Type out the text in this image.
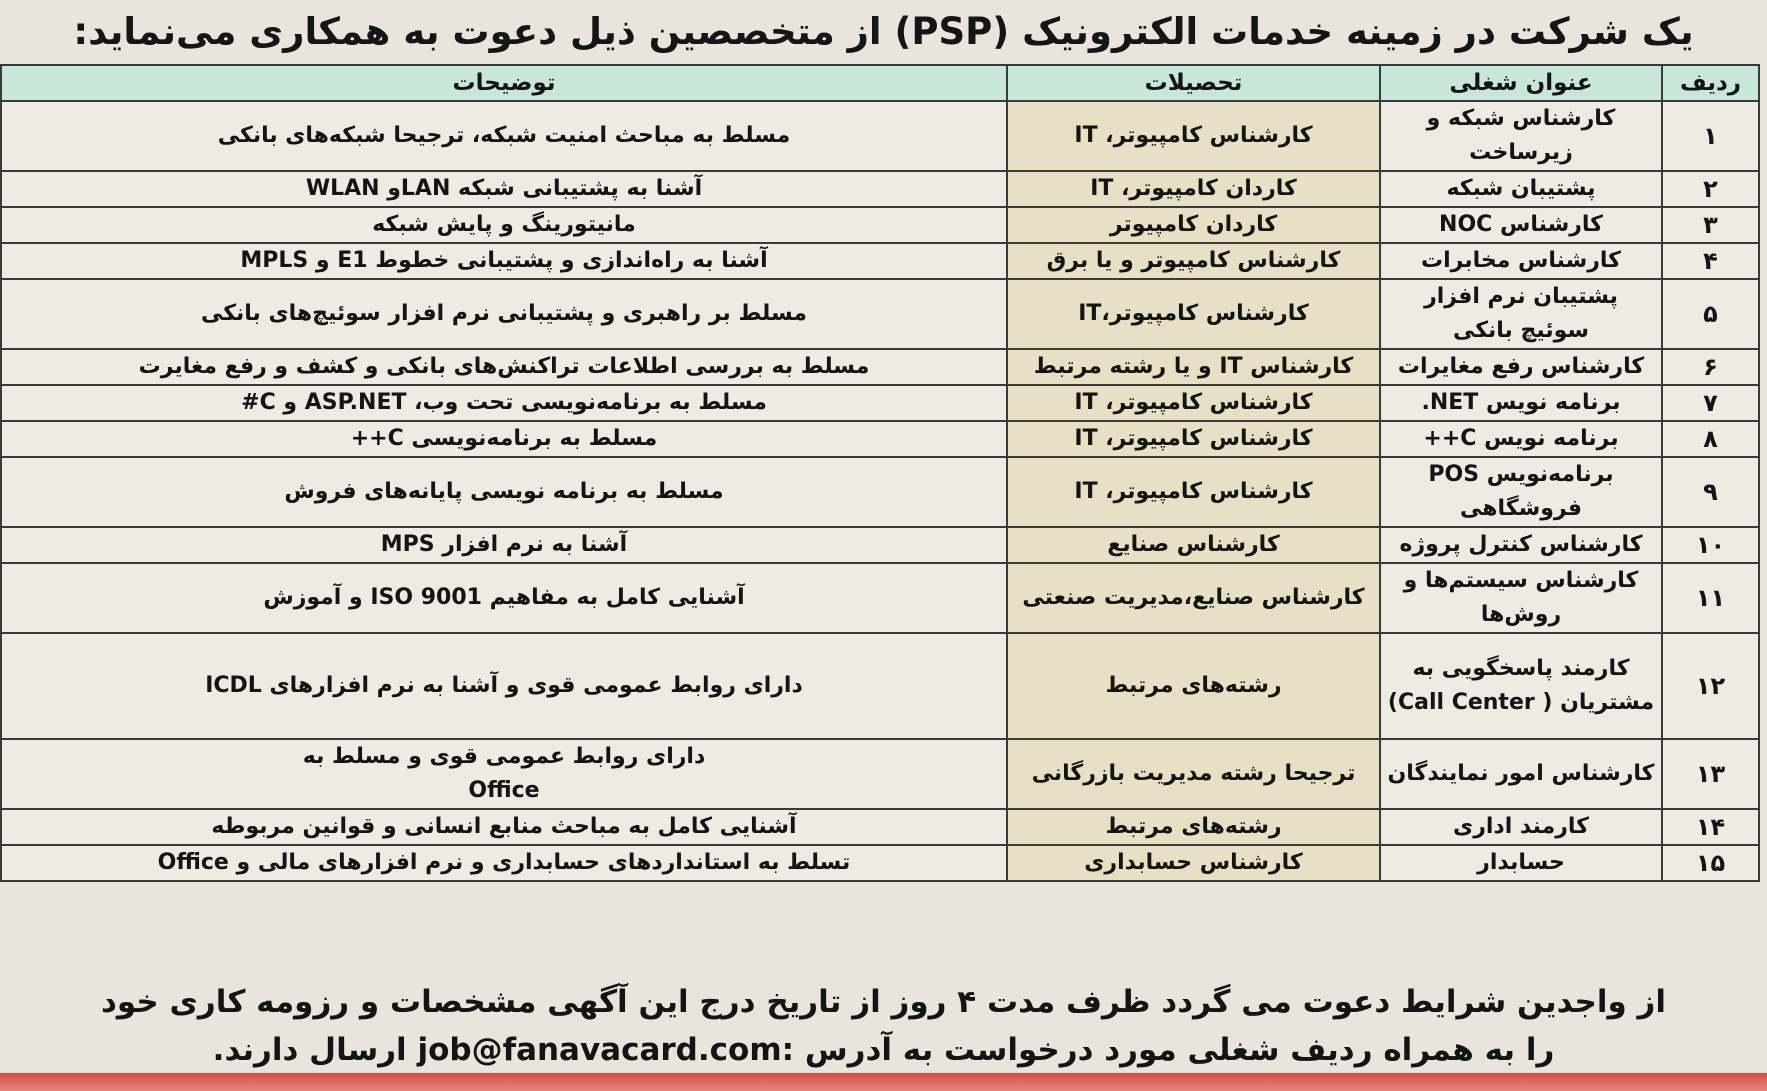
یک شرکت در زمینه خدمات الکترونیک (PSP) از متخصصین ذیل دعوت به همکاری می‌نماید:
ردیف	عنوان شغلی	تحصیلات	توضیحات
۱	کارشناس شبکه و زیرساخت	کارشناس کامپیوتر، IT	مسلط به مباحث امنیت شبکه، ترجیحا شبکه‌های بانکی
۲	پشتیبان شبکه	کاردان کامپیوتر، IT	آشنا به پشتیبانی شبکه LANو WLAN
۳	کارشناس NOC	کاردان کامپیوتر	مانیتورینگ و پایش شبکه
۴	کارشناس مخابرات	کارشناس کامپیوتر و یا برق	آشنا به راه‌اندازی و پشتیبانی خطوط E1 و MPLS
۵	پشتیبان نرم افزار سوئیچ بانکی	کارشناس کامپیوتر،IT	مسلط بر راهبری و پشتیبانی نرم افزار سوئیچ‌های بانکی
۶	کارشناس رفع مغایرات	کارشناس IT و یا رشته مرتبط	مسلط به بررسی اطلاعات تراکنش‌های بانکی و کشف و رفع مغایرت
۷	برنامه نویس NET.	کارشناس کامپیوتر، IT	مسلط به برنامه‌نویسی تحت وب، ASP.NET و C#
۸	برنامه نویس C++	کارشناس کامپیوتر، IT	مسلط به برنامه‌نویسی C++
۹	برنامه‌نویس POS فروشگاهی	کارشناس کامپیوتر، IT	مسلط به برنامه نویسی پایانه‌های فروش
۱۰	کارشناس کنترل پروژه	کارشناس صنایع	آشنا به نرم افزار MPS
۱۱	کارشناس سیستم‌ها و روش‌ها	کارشناس صنایع،مدیریت صنعتی	آشنایی کامل به مفاهیم ISO 9001 و آموزش
۱۲	کارمند پاسخگویی به مشتریان ( Call Center)	رشته‌های مرتبط	دارای روابط عمومی قوی و آشنا به نرم افزارهای ICDL
۱۳	کارشناس امور نمایندگان	ترجیحا رشته مدیریت بازرگانی	دارای روابط عمومی قوی و مسلط به Office
۱۴	کارمند اداری	رشته‌های مرتبط	آشنایی کامل به مباحث منابع انسانی و قوانین مربوطه
۱۵	حسابدار	کارشناس حسابداری	تسلط به استانداردهای حسابداری و نرم افزارهای مالی و Office
از واجدین شرایط دعوت می گردد ظرف مدت ۴ روز از تاریخ درج این آگهی مشخصات و رزومه کاری خود
را به همراه ردیف شغلی مورد درخواست به آدرس :job@fanavacard.com ارسال دارند.
